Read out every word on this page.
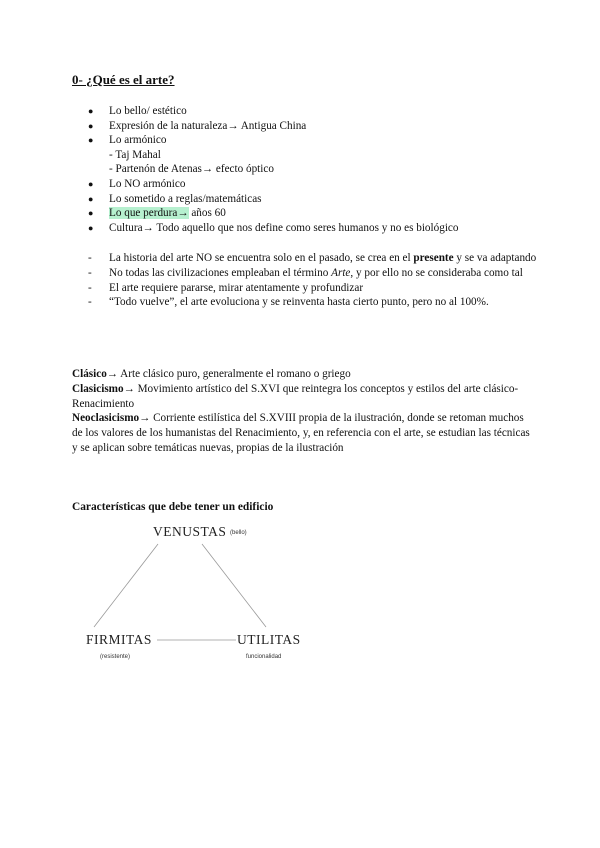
0- ¿Qué es el arte?
● Lo bello/ estético
● Expresión de la naturaleza→ Antigua China
● Lo armónico
- Taj Mahal
- Partenón de Atenas→ efecto óptico
● Lo NO armónico
● Lo sometido a reglas/matemáticas
● Lo que perdura→ años 60
● Cultura→ Todo aquello que nos define como seres humanos y no es biológico
- La historia del arte NO se encuentra solo en el pasado, se crea en el presente y se va adaptando
- No todas las civilizaciones empleaban el término Arte, y por ello no se consideraba como tal
- El arte requiere pararse, mirar atentamente y profundizar
- “Todo vuelve”, el arte evoluciona y se reinventa hasta cierto punto, pero no al 100%.

Clásico→ Arte clásico puro, generalmente el romano o griego

Clasicismo→ Movimiento artístico del S.XVI que reintegra los conceptos y estilos del arte clásico- Renacimiento

Neoclasicismo→ Corriente estilística del S.XVIII propia de la ilustración, donde se retoman muchos de los valores de los humanistas del Renacimiento, y, en referencia con el arte, se estudian las técnicas y se aplican sobre temáticas nuevas, propias de la ilustración

Características que debe tener un edificio
VENUSTAS (bello)
FIRMITAS
(resistente)
UTILITAS
funcionalidad
